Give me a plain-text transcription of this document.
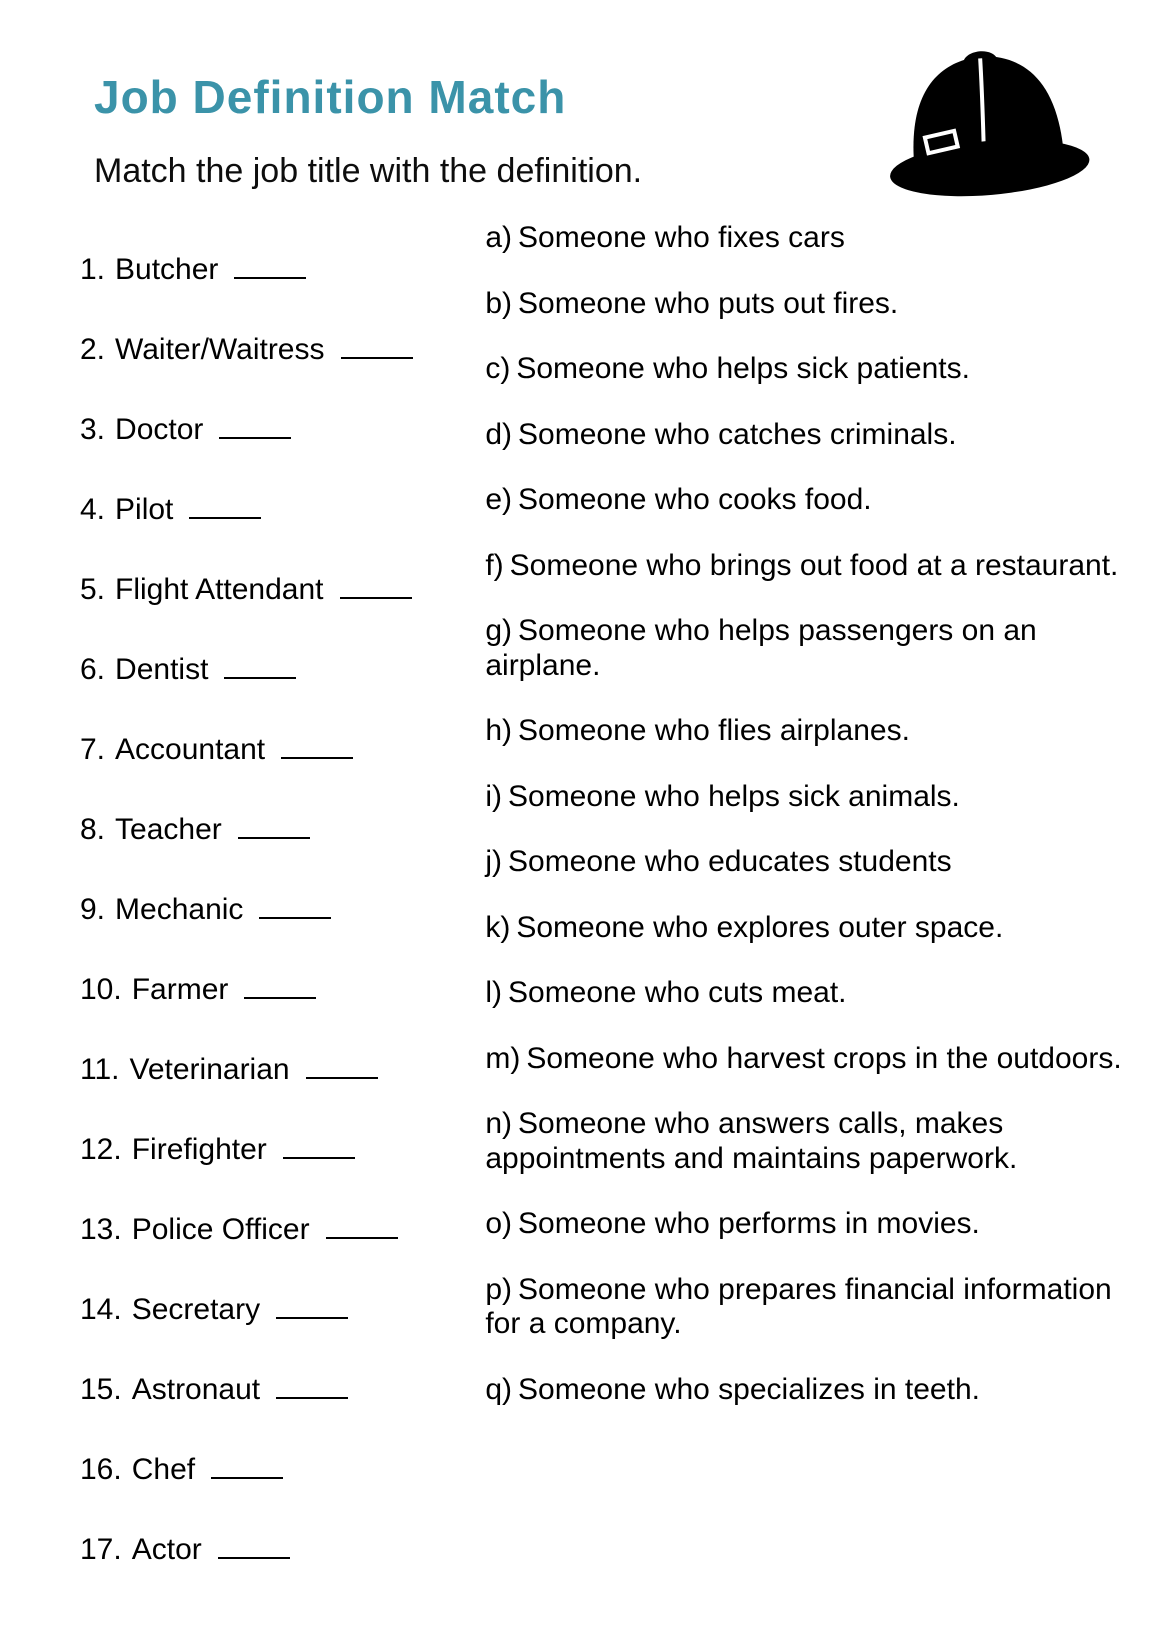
Job Definition Match
Match the job title with the definition.
1. Butcher
2. Waiter/Waitress
3. Doctor
4. Pilot
5. Flight Attendant
6. Dentist
7. Accountant
8. Teacher
9. Mechanic
10. Farmer
11. Veterinarian
12. Firefighter
13. Police Officer
14. Secretary
15. Astronaut
16. Chef
17. Actor
a) Someone who fixes cars
b) Someone who puts out fires.
c) Someone who helps sick patients.
d) Someone who catches criminals.
e) Someone who cooks food.
f) Someone who brings out food at a restaurant.
g) Someone who helps passengers on an airplane.
h) Someone who flies airplanes.
i) Someone who helps sick animals.
j) Someone who educates students
k) Someone who explores outer space.
l) Someone who cuts meat.
m) Someone who harvest crops in the outdoors.
n) Someone who answers calls, makes appointments and maintains paperwork.
o) Someone who performs in movies.
p) Someone who prepares financial information for a company.
q) Someone who specializes in teeth.
